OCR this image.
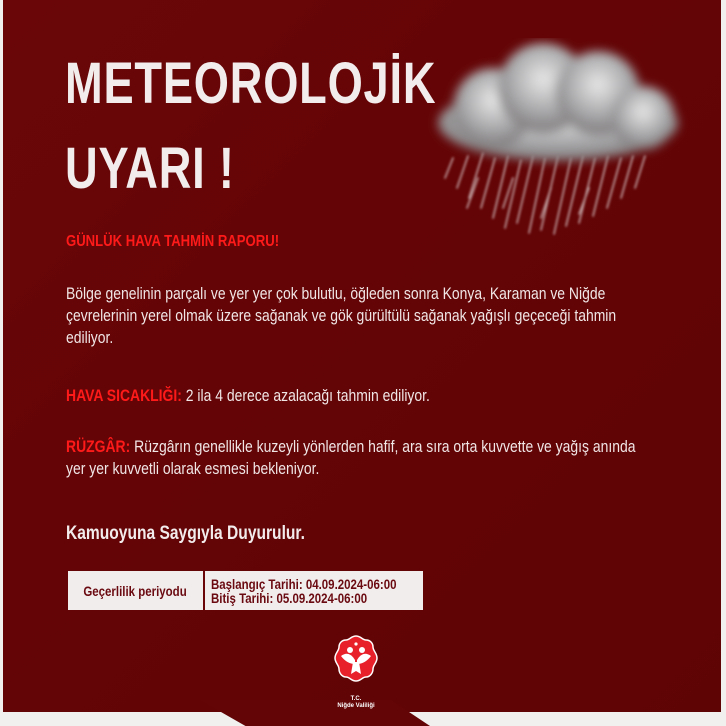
METEOROLOJİK
UYARI !
GÜNLÜK HAVA TAHMİN RAPORU!
Bölge genelinin parçalı ve yer yer çok bulutlu, öğleden sonra Konya, Karaman ve Niğde
çevrelerinin yerel olmak üzere sağanak ve gök gürültülü sağanak yağışlı geçeceği tahmin
ediliyor.
HAVA SICAKLIĞI: 2 ila 4 derece azalacağı tahmin ediliyor.
RÜZGÂR: Rüzgârın genellikle kuzeyli yönlerden hafif, ara sıra orta kuvvette ve yağış anında
yer yer kuvvetli olarak esmesi bekleniyor.
Kamuoyuna Saygıyla Duyurulur.
Geçerlilik periyodu Başlangıç Tarihi: 04.09.2024-06:00
Bitiş Tarihi: 05.09.2024-06:00
T.C.
Niğde Valiliği
